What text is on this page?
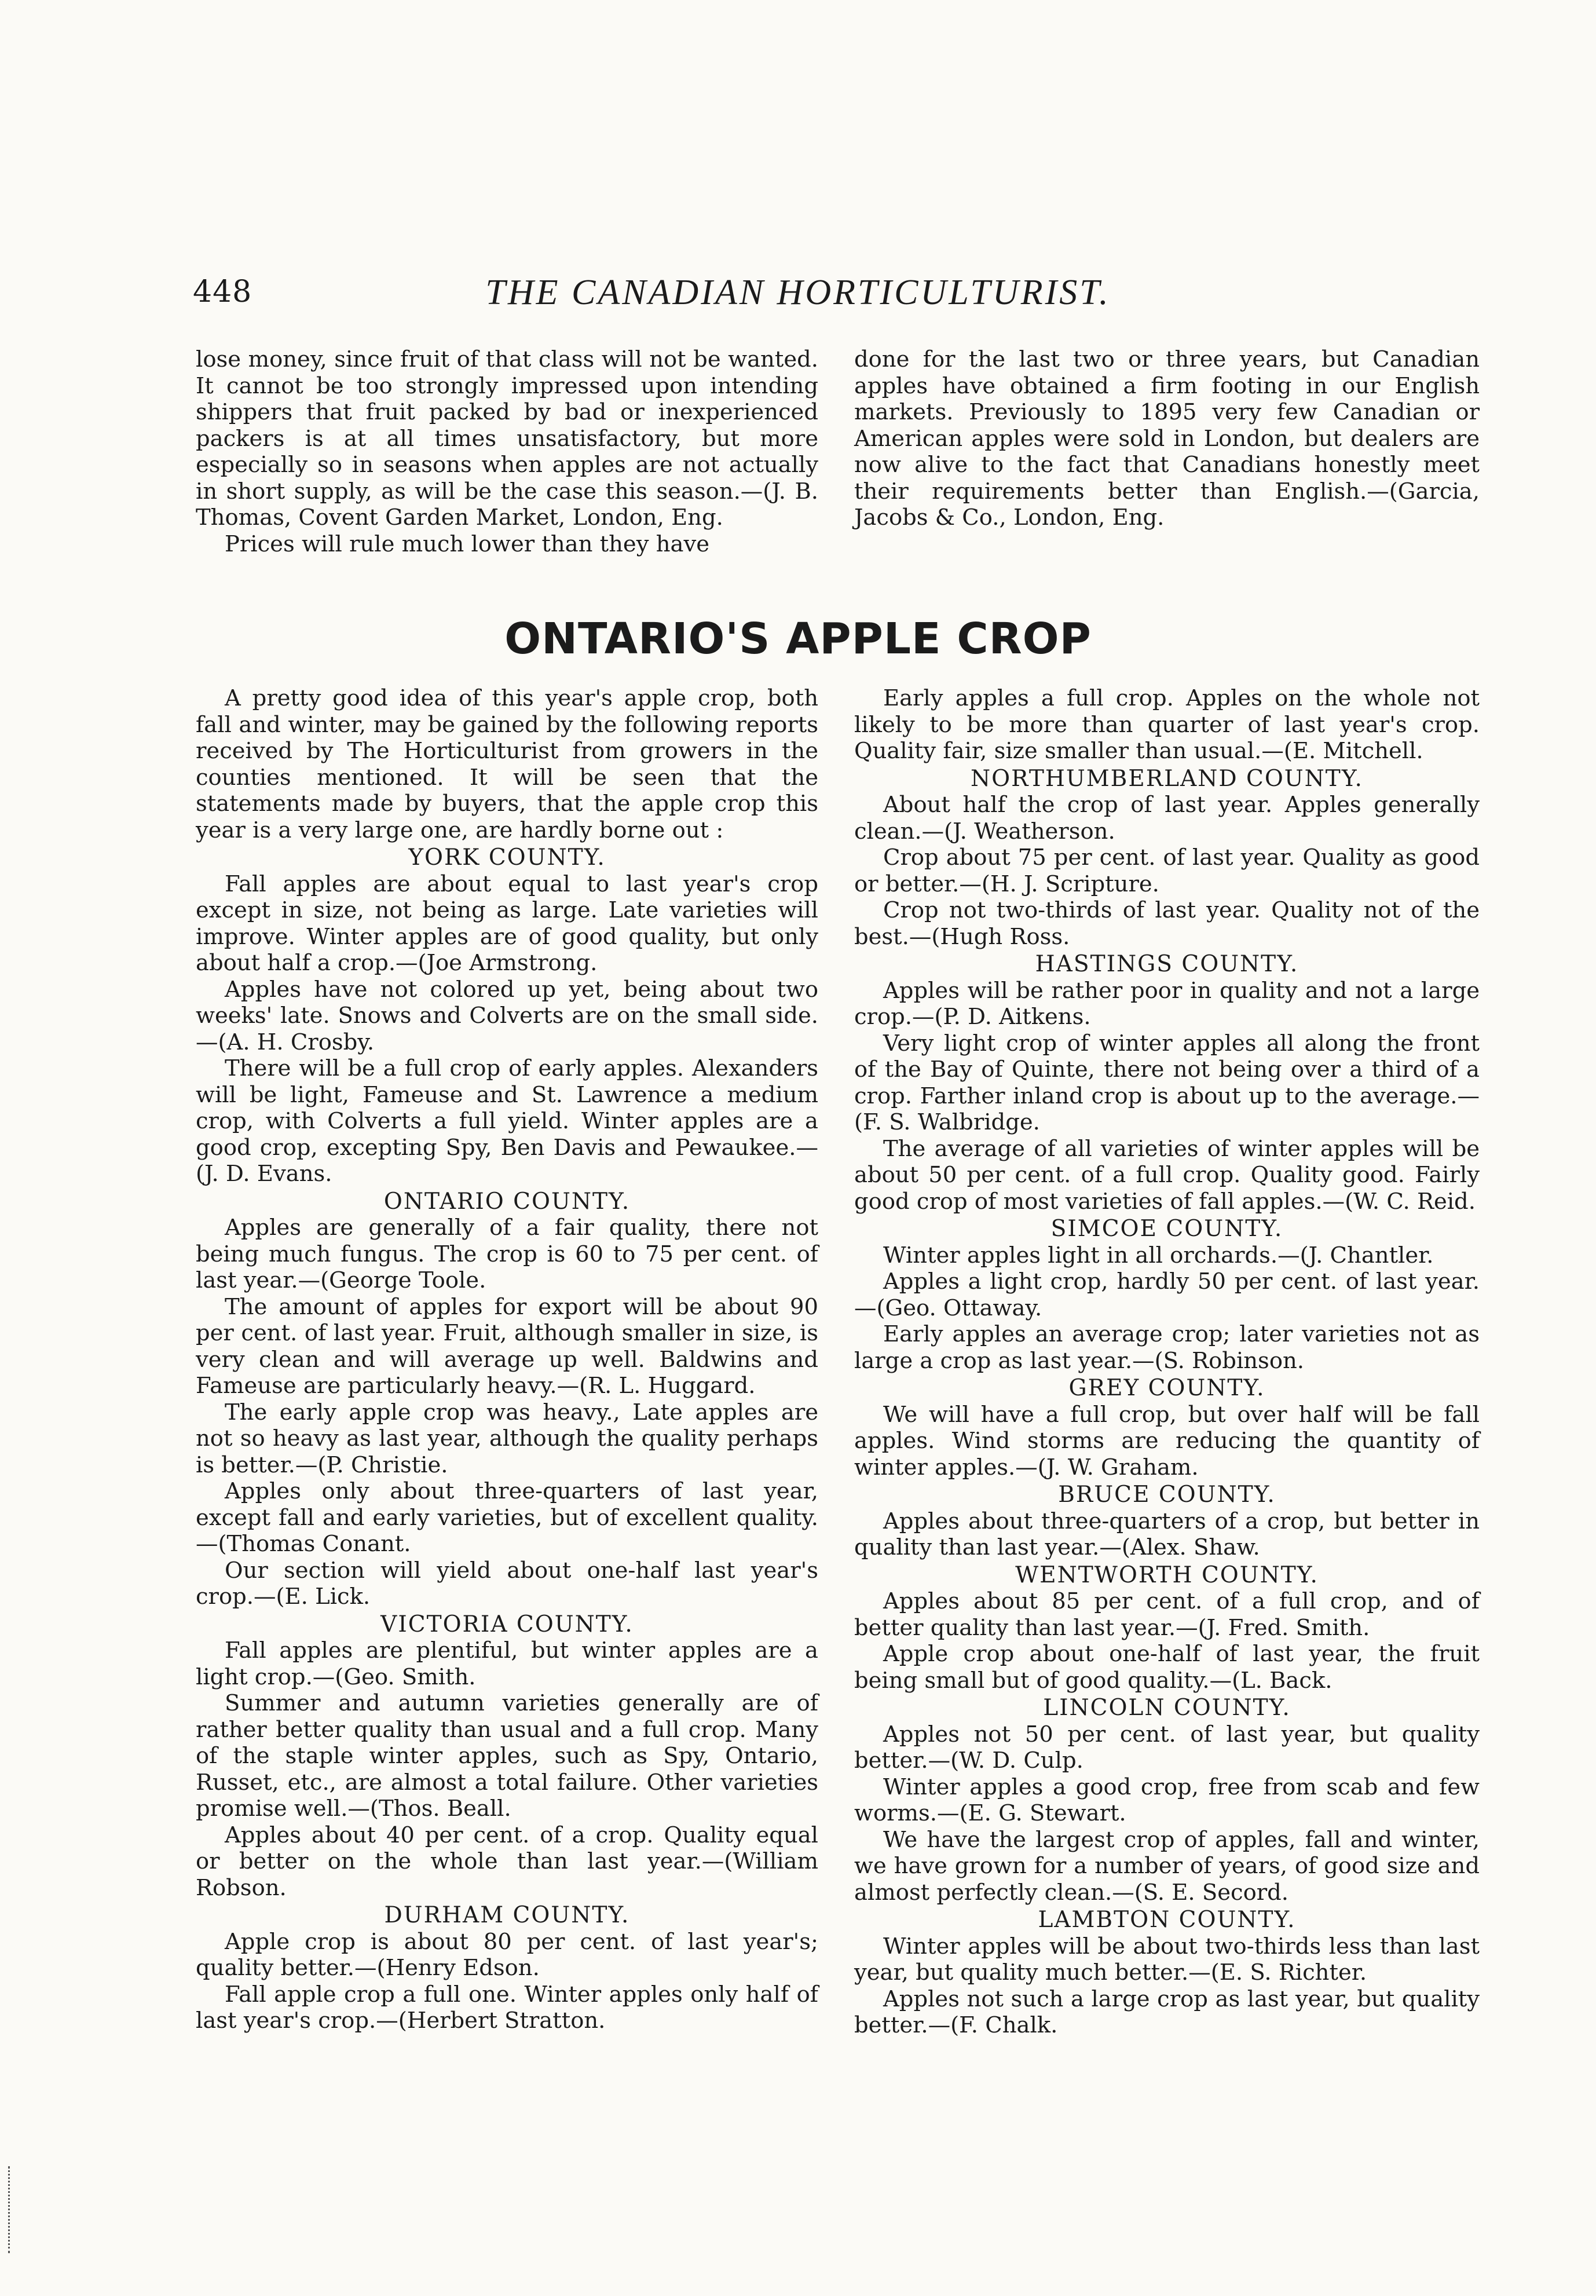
448	THE CANADIAN HORTICULTURIST.

lose money, since fruit of that class will not be wanted. It cannot be too strongly impressed upon intending shippers that fruit packed by bad or inexperienced packers is at all times unsatisfactory, but more especially so in seasons when apples are not actually in short supply, as will be the case this season.—(J. B. Thomas, Covent Garden Market, London, Eng.

Prices will rule much lower than they have

done for the last two or three years, but Canadian apples have obtained a firm footing in our English markets. Previously to 1895 very few Canadian or American apples were sold in London, but dealers are now alive to the fact that Canadians honestly meet their requirements better than English.—(Garcia, Jacobs & Co., London, Eng.

ONTARIO'S APPLE CROP

A pretty good idea of this year's apple crop, both fall and winter, may be gained by the following reports received by The Horticulturist from growers in the counties mentioned. It will be seen that the statements made by buyers, that the apple crop this year is a very large one, are hardly borne out :

YORK COUNTY.

Fall apples are about equal to last year's crop except in size, not being as large. Late varieties will improve. Winter apples are of good quality, but only about half a crop.—(Joe Armstrong.

Apples have not colored up yet, being about two weeks' late. Snows and Colverts are on the small side.—(A. H. Crosby.

There will be a full crop of early apples. Alexanders will be light, Fameuse and St. Lawrence a medium crop, with Colverts a full yield. Winter apples are a good crop, excepting Spy, Ben Davis and Pewaukee.—(J. D. Evans.

ONTARIO COUNTY.

Apples are generally of a fair quality, there not being much fungus. The crop is 60 to 75 per cent. of last year.—(George Toole.

The amount of apples for export will be about 90 per cent. of last year. Fruit, although smaller in size, is very clean and will average up well. Baldwins and Fameuse are particularly heavy.—(R. L. Huggard.

The early apple crop was heavy., Late apples are not so heavy as last year, although the quality perhaps is better.—(P. Christie.

Apples only about three-quarters of last year, except fall and early varieties, but of excellent quality.—(Thomas Conant.

Our section will yield about one-half last year's crop.—(E. Lick.

VICTORIA COUNTY.

Fall apples are plentiful, but winter apples are a light crop.—(Geo. Smith.

Summer and autumn varieties generally are of rather better quality than usual and a full crop. Many of the staple winter apples, such as Spy, Ontario, Russet, etc., are almost a total failure. Other varieties promise well.—(Thos. Beall.

Apples about 40 per cent. of a crop. Quality equal or better on the whole than last year.—(William Robson.

DURHAM COUNTY.

Apple crop is about 80 per cent. of last year's; quality better.—(Henry Edson.

Fall apple crop a full one. Winter apples only half of last year's crop.—(Herbert Stratton.

Early apples a full crop. Apples on the whole not likely to be more than quarter of last year's crop. Quality fair, size smaller than usual.—(E. Mitchell.

NORTHUMBERLAND COUNTY.

About half the crop of last year. Apples generally clean.—(J. Weatherson.

Crop about 75 per cent. of last year. Quality as good or better.—(H. J. Scripture.

Crop not two-thirds of last year. Quality not of the best.—(Hugh Ross.

HASTINGS COUNTY.

Apples will be rather poor in quality and not a large crop.—(P. D. Aitkens.

Very light crop of winter apples all along the front of the Bay of Quinte, there not being over a third of a crop. Farther inland crop is about up to the average.—(F. S. Walbridge.

The average of all varieties of winter apples will be about 50 per cent. of a full crop. Quality good. Fairly good crop of most varieties of fall apples.—(W. C. Reid.

SIMCOE COUNTY.

Winter apples light in all orchards.—(J. Chantler.

Apples a light crop, hardly 50 per cent. of last year.—(Geo. Ottaway.

Early apples an average crop; later varieties not as large a crop as last year.—(S. Robinson.

GREY COUNTY.

We will have a full crop, but over half will be fall apples. Wind storms are reducing the quantity of winter apples.—(J. W. Graham.

BRUCE COUNTY.

Apples about three-quarters of a crop, but better in quality than last year.—(Alex. Shaw.

WENTWORTH COUNTY.

Apples about 85 per cent. of a full crop, and of better quality than last year.—(J. Fred. Smith.

Apple crop about one-half of last year, the fruit being small but of good quality.—(L. Back.

LINCOLN COUNTY.

Apples not 50 per cent. of last year, but quality better.—(W. D. Culp.

Winter apples a good crop, free from scab and few worms.—(E. G. Stewart.

We have the largest crop of apples, fall and winter, we have grown for a number of years, of good size and almost perfectly clean.—(S. E. Secord.

LAMBTON COUNTY.

Winter apples will be about two-thirds less than last year, but quality much better.—(E. S. Richter.

Apples not such a large crop as last year, but quality better.—(F. Chalk.
